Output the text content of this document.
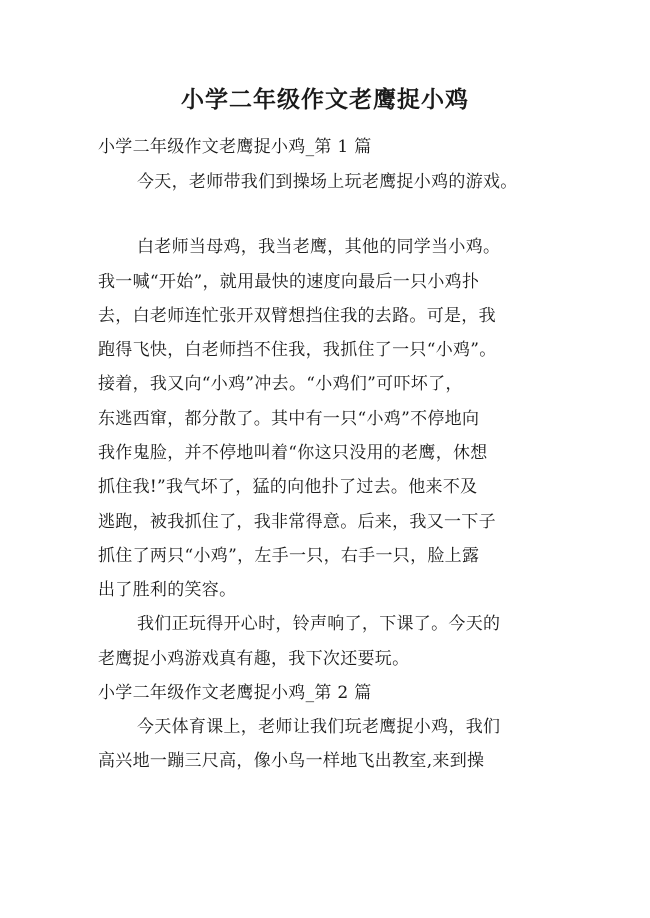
小学二年级作文老鹰捉小鸡
小学二年级作文老鹰捉小鸡_第 1 篇
今天，老师带我们到操场上玩老鹰捉小鸡的游戏。
白老师当母鸡，我当老鹰，其他的同学当小鸡。
我一喊“开始”，就用最快的速度向最后一只小鸡扑
去，白老师连忙张开双臂想挡住我的去路。可是，我
跑得飞快，白老师挡不住我，我抓住了一只“小鸡”。
接着，我又向“小鸡”冲去。“小鸡们”可吓坏了，
东逃西窜，都分散了。其中有一只“小鸡”不停地向
我作鬼脸，并不停地叫着“你这只没用的老鹰，休想
抓住我!”我气坏了，猛的向他扑了过去。他来不及
逃跑，被我抓住了，我非常得意。后来，我又一下子
抓住了两只“小鸡”，左手一只，右手一只，脸上露
出了胜利的笑容。
我们正玩得开心时，铃声响了，下课了。今天的
老鹰捉小鸡游戏真有趣，我下次还要玩。
小学二年级作文老鹰捉小鸡_第 2 篇
今天体育课上，老师让我们玩老鹰捉小鸡，我们
高兴地一蹦三尺高，像小鸟一样地飞出教室,来到操
